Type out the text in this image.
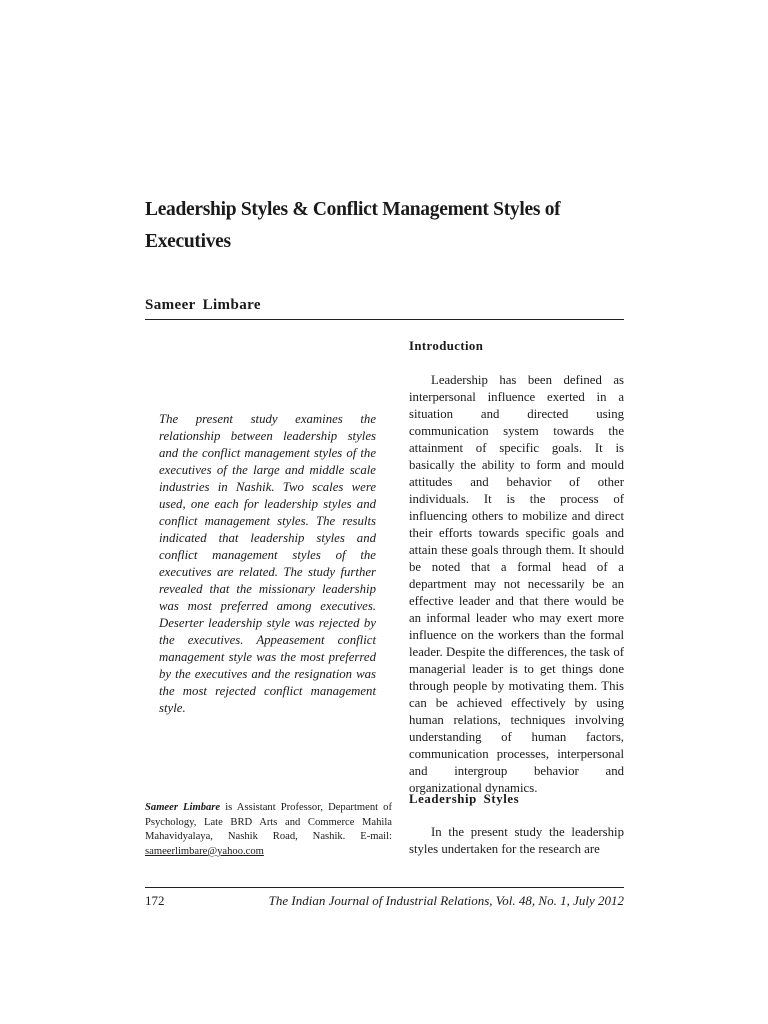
Leadership Styles & Conflict Management Styles of Executives
Sameer Limbare
The present study examines the relationship between leadership styles and the conflict management styles of the executives of the large and middle scale industries in Nashik. Two scales were used, one each for leadership styles and conflict management styles. The results indicated that leadership styles and conflict management styles of the executives are related. The study further revealed that the missionary leadership was most preferred among executives. Deserter leadership style was rejected by the executives. Appeasement conflict management style was the most preferred by the executives and the resignation was the most rejected conflict management style.
Sameer Limbare is Assistant Professor, Department of Psychology, Late BRD Arts and Commerce Mahila Mahavidyalaya, Nashik Road, Nashik. E-mail: sameerlimbare@yahoo.com
Introduction
Leadership has been defined as interpersonal influence exerted in a situation and directed using communication system towards the attainment of specific goals. It is basically the ability to form and mould attitudes and behavior of other individuals. It is the process of influencing others to mobilize and direct their efforts towards specific goals and attain these goals through them. It should be noted that a formal head of a department may not necessarily be an effective leader and that there would be an informal leader who may exert more influence on the workers than the formal leader. Despite the differences, the task of managerial leader is to get things done through people by motivating them. This can be achieved effectively by using human relations, techniques involving understanding of human factors, communication processes, interpersonal and intergroup behavior and organizational dynamics.
Leadership Styles
In the present study the leadership styles undertaken for the research are
172	The Indian Journal of Industrial Relations, Vol. 48, No. 1, July 2012
